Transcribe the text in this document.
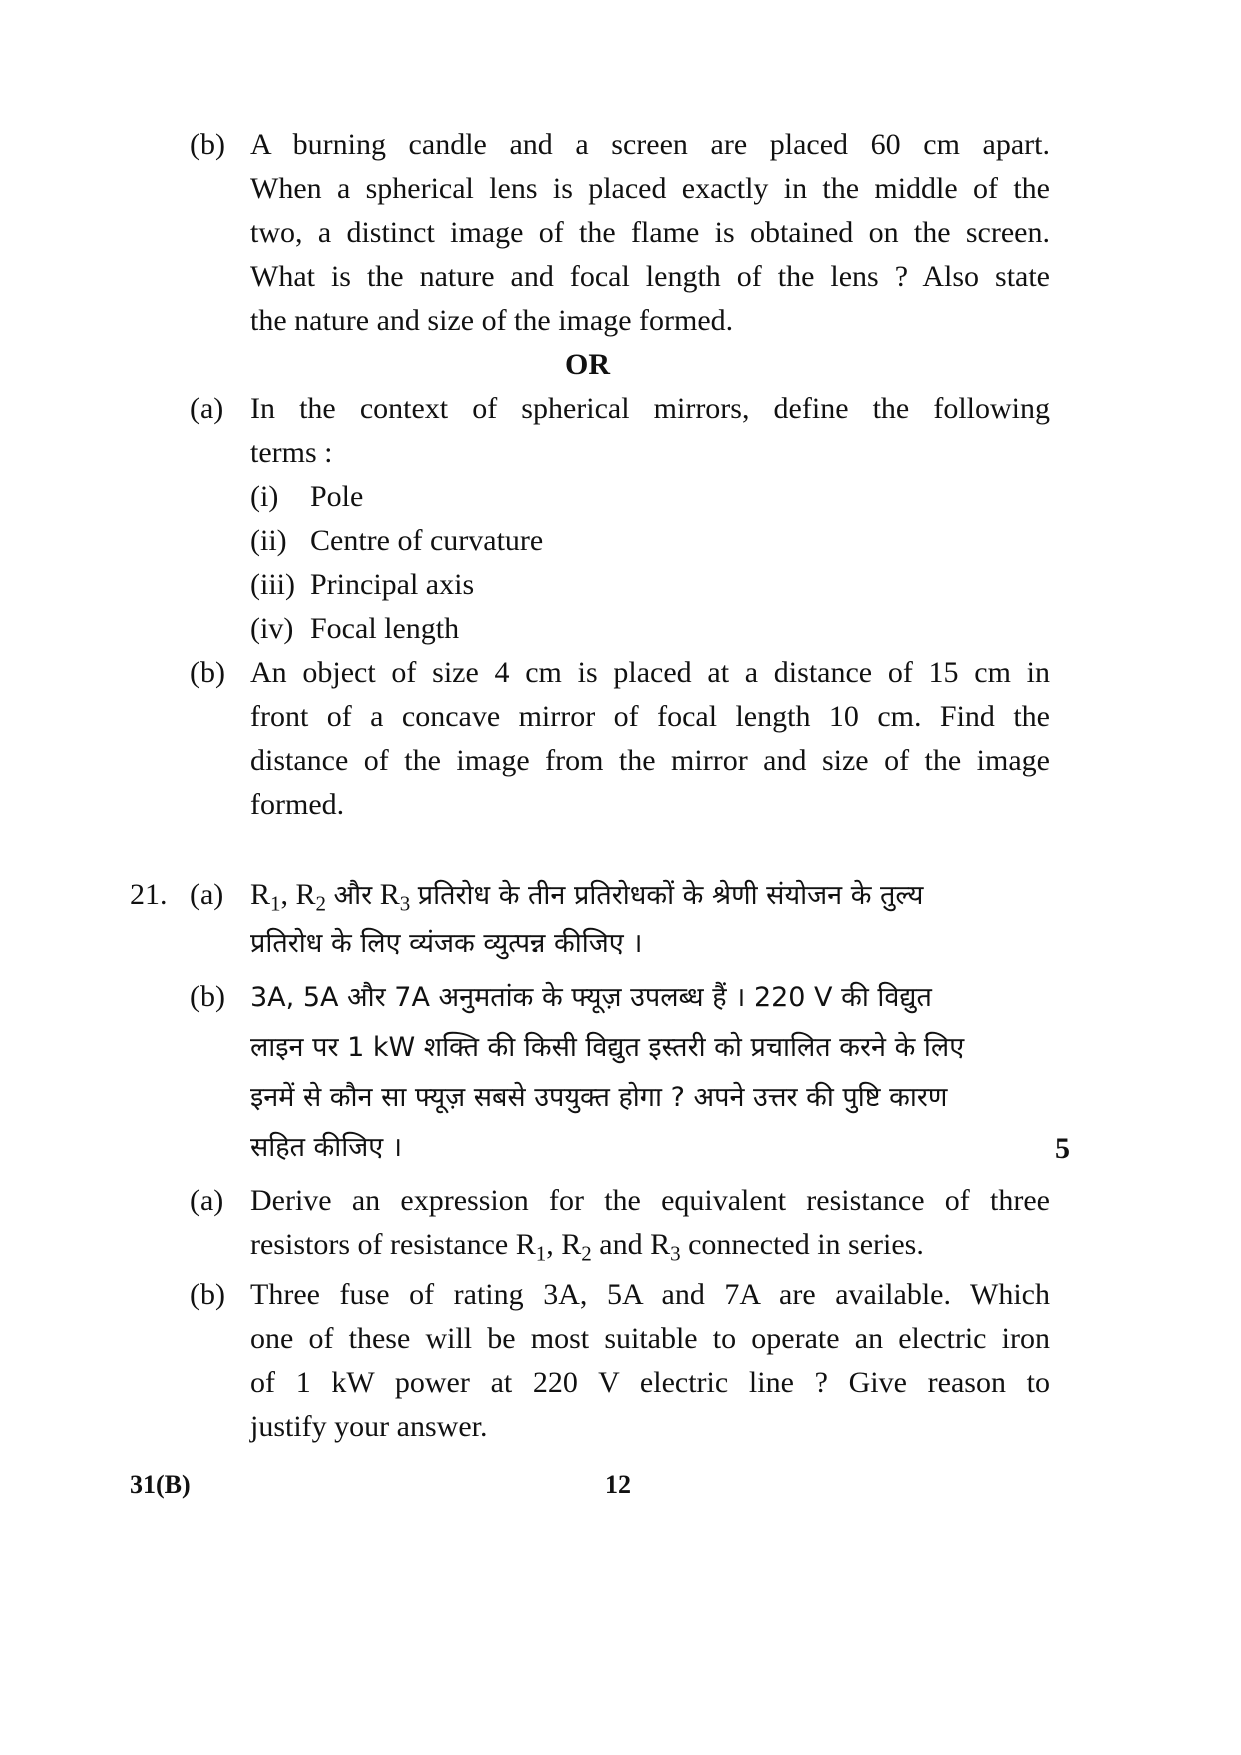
(b) A burning candle and a screen are placed 60 cm apart.
When a spherical lens is placed exactly in the middle of the
two, a distinct image of the flame is obtained on the screen.
What is the nature and focal length of the lens ? Also state
the nature and size of the image formed.
OR
(a) In the context of spherical mirrors, define the following
terms :
(i) Pole
(ii) Centre of curvature
(iii) Principal axis
(iv) Focal length
(b) An object of size 4 cm is placed at a distance of 15 cm in
front of a concave mirror of focal length 10 cm. Find the
distance of the image from the mirror and size of the image
formed.
21. (a) $R_1$, $R_2$ और $R_3$ प्रतिरोध के तीन प्रतिरोधकों के श्रेणी संयोजन के तुल्य
प्रतिरोध के लिए व्यंजक व्युत्पन्न कीजिए ।
(b) 3A, 5A और 7A अनुमतांक के फ्यूज़ उपलब्ध हैं । 220 V की विद्युत
लाइन पर 1 kW शक्ति की किसी विद्युत इस्तरी को प्रचालित करने के लिए
इनमें से कौन सा फ्यूज़ सबसे उपयुक्त होगा ? अपने उत्तर की पुष्टि कारण
सहित कीजिए ।	5
(a) Derive an expression for the equivalent resistance of three
resistors of resistance $R_1$, $R_2$ and $R_3$ connected in series.
(b) Three fuse of rating 3A, 5A and 7A are available. Which
one of these will be most suitable to operate an electric iron
of 1 kW power at 220 V electric line ? Give reason to
justify your answer.
31(B)	12
